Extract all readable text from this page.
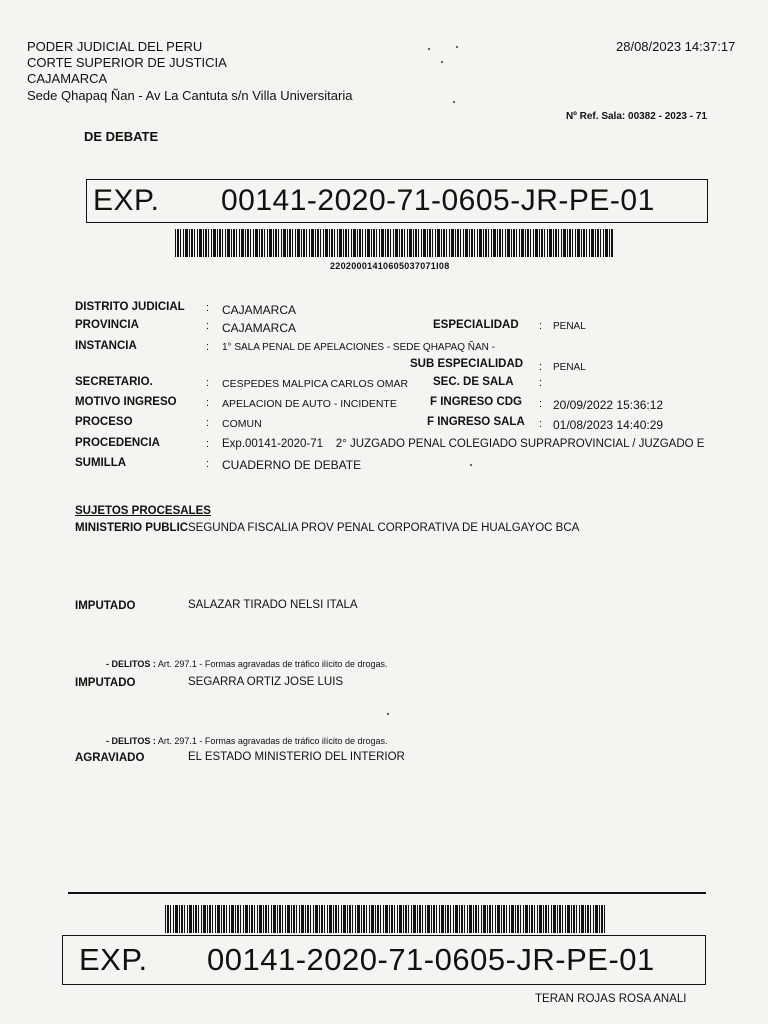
PODER JUDICIAL DEL PERU
CORTE SUPERIOR DE JUSTICIA
CAJAMARCA
Sede Qhapaq Ñan - Av La Cantuta s/n Villa Universitaria
28/08/2023 14:37:17
Nº Ref. Sala: 00382 - 2023 - 71
DE DEBATE
EXP. 00141-2020-71-0605-JR-PE-01
22020001410605037071l08
DISTRITO JUDICIAL : CAJAMARCA
PROVINCIA	: CAJAMARCA	ESPECIALIDAD : PENAL
INSTANCIA	: 1° SALA PENAL DE APELACIONES - SEDE QHAPAQ ÑAN -
SUB ESPECIALIDAD : PENAL
SECRETARIO.	: CESPEDES MALPICA CARLOS OMAR SEC. DE SALA :
MOTIVO INGRESO	: APELACION DE AUTO - INCIDENTE	F INGRESO CDG : 20/09/2022 15:36:12
PROCESO	: COMUN	F INGRESO SALA : 01/08/2023 14:40:29
PROCEDENCIA	: Exp.00141-2020-71    2° JUZGADO PENAL COLEGIADO SUPRAPROVINCIAL / JUZGADO E
SUMILLA	: CUADERNO DE DEBATE
SUJETOS PROCESALES
MINISTERIO PUBLIC SEGUNDA FISCALIA PROV PENAL CORPORATIVA DE HUALGAYOC BCA
IMPUTADO	SALAZAR TIRADO NELSI ITALA
- DELITOS : Art. 297.1 - Formas agravadas de tráfico ilícito de drogas.
IMPUTADO	SEGARRA ORTIZ JOSE LUIS
- DELITOS : Art. 297.1 - Formas agravadas de tráfico ilícito de drogas.
AGRAVIADO	EL ESTADO MINISTERIO DEL INTERIOR
EXP. 00141-2020-71-0605-JR-PE-01
TERAN ROJAS ROSA ANALI
